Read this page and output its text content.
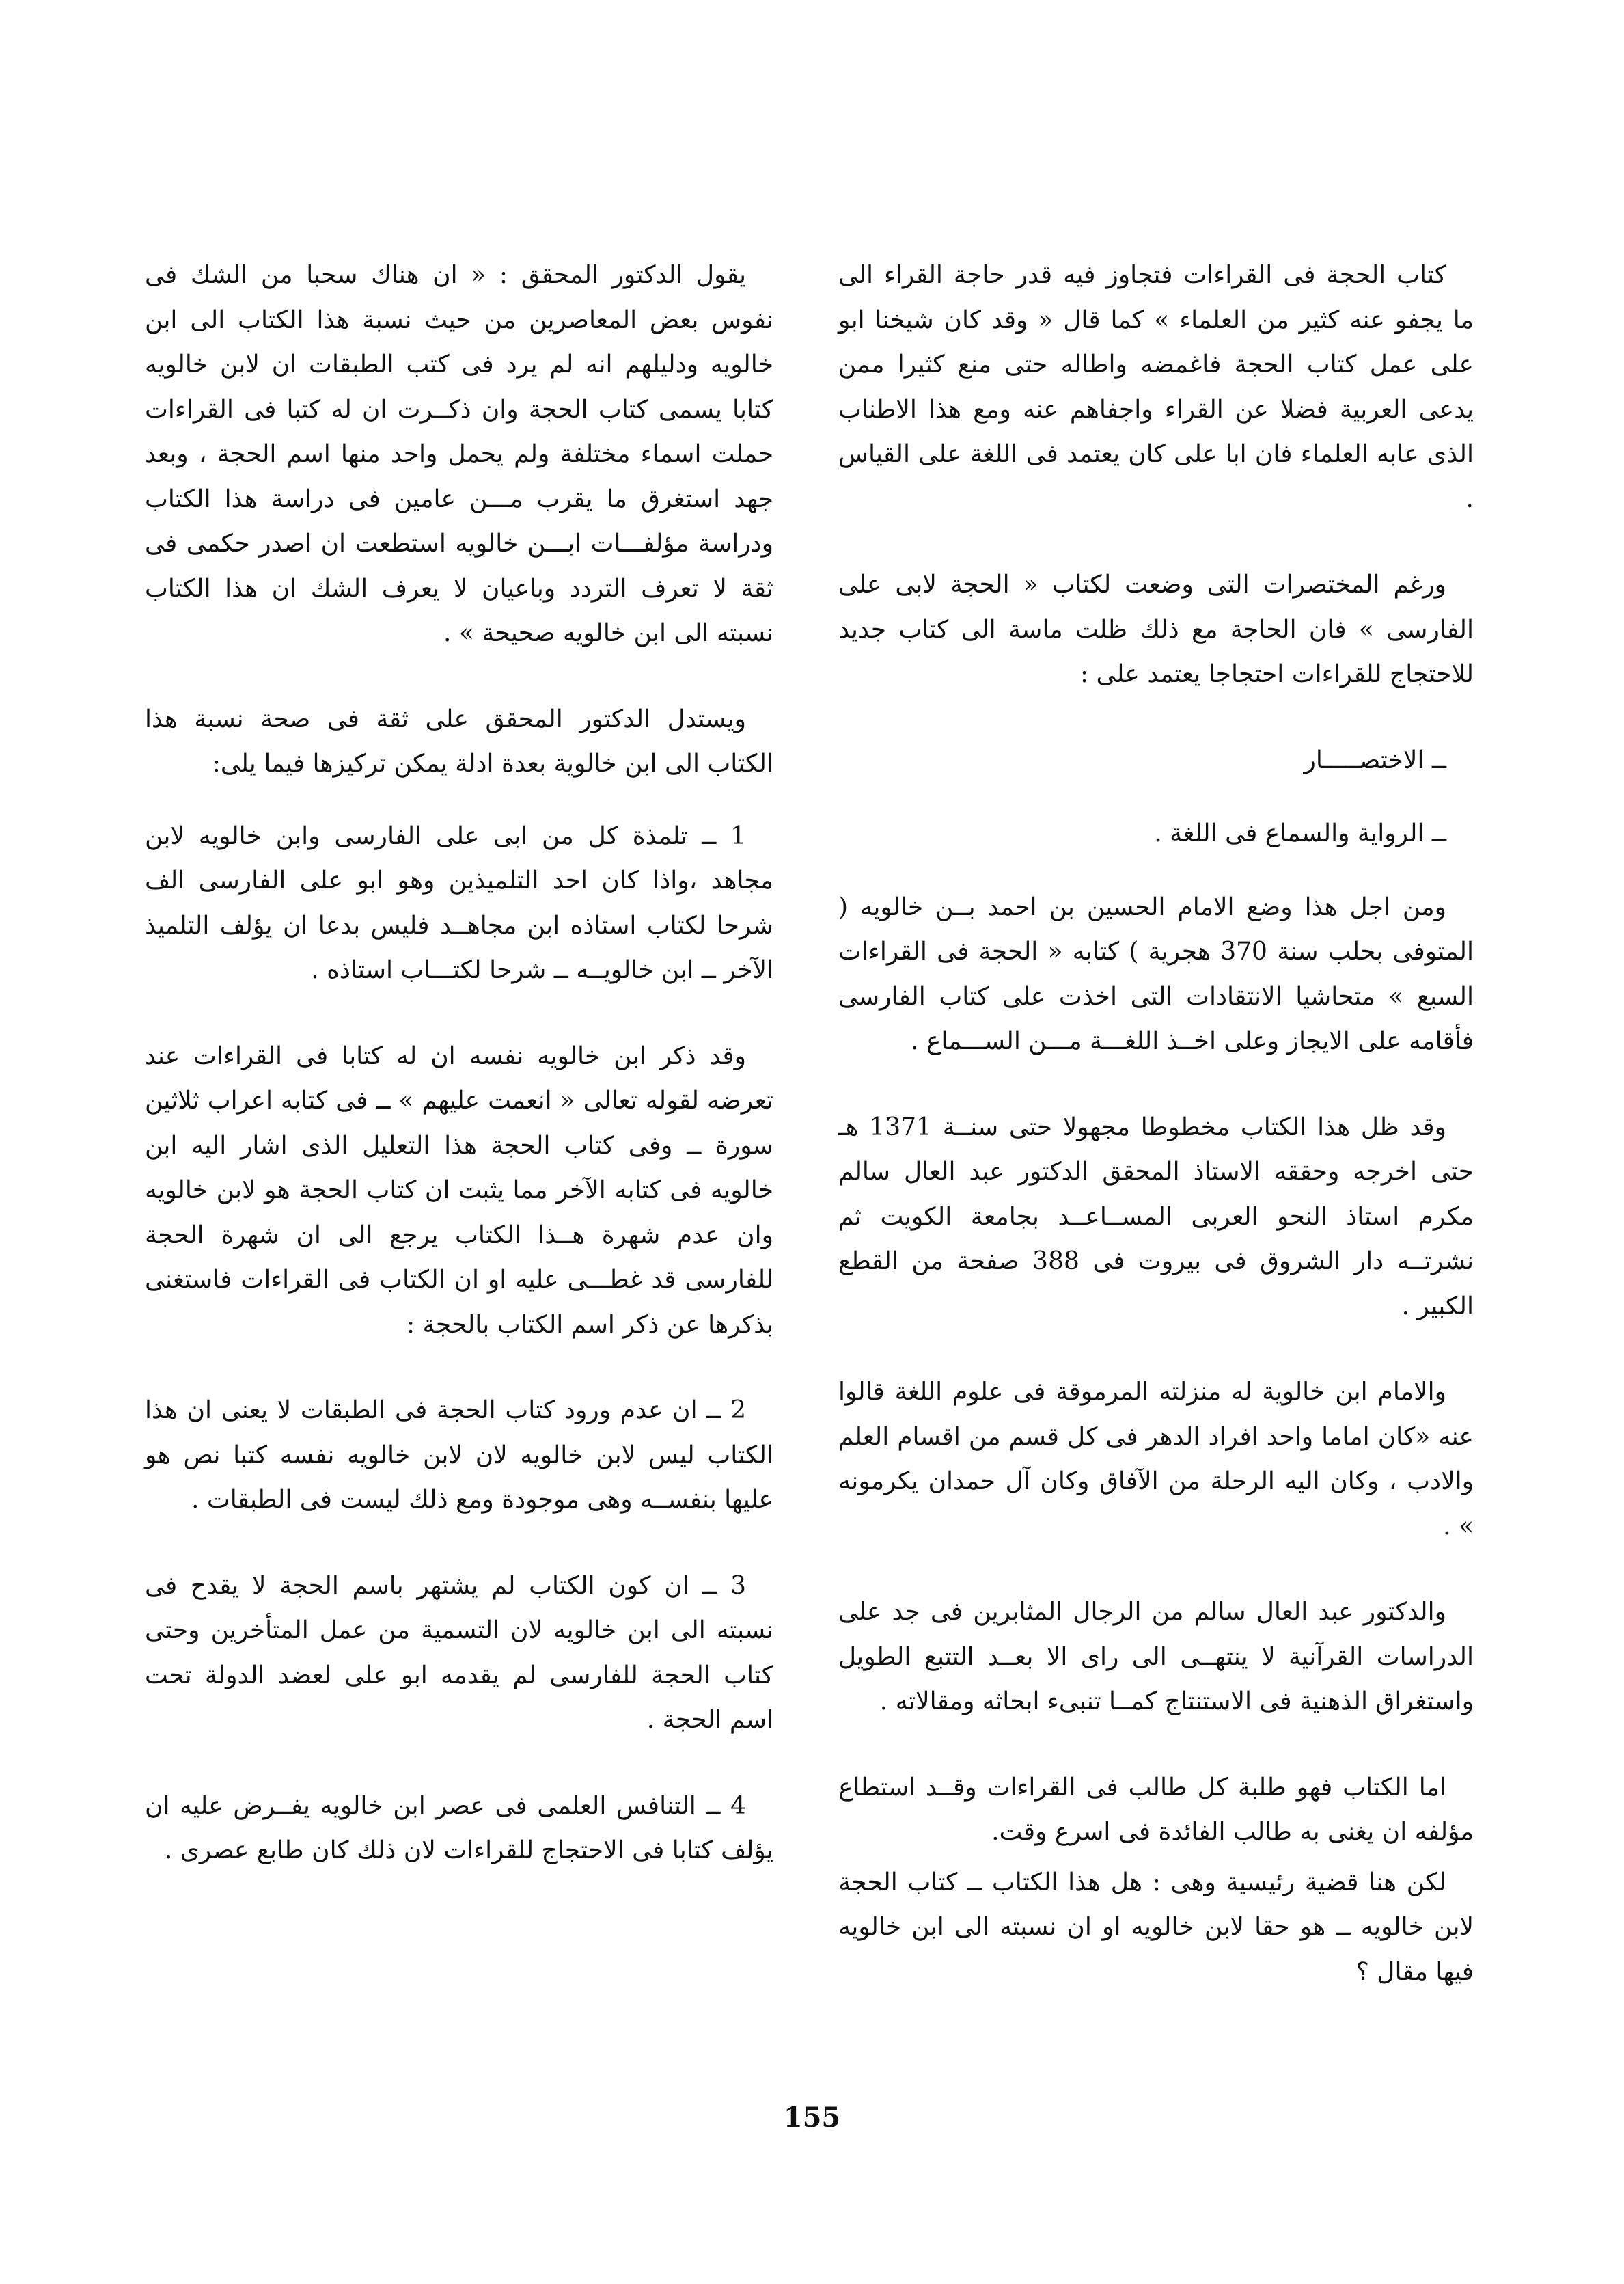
كتاب الحجة فى القراءات فتجاوز فيه قدر حاجة القراء الى ما يجفو عنه كثير من العلماء » كما قال « وقد كان شيخنا ابو على عمل كتاب الحجة فاغمضه واطاله حتى منع كثيرا ممن يدعى العربية فضلا عن القراء واجفاهم عنه ومع هذا الاطناب الذى عابه العلماء فان ابا على كان يعتمد فى اللغة على القياس .

ورغم المختصرات التى وضعت لكتاب « الحجة لابى على الفارسى » فان الحاجة مع ذلك ظلت ماسة الى كتاب جديد للاحتجاج للقراءات احتجاجا يعتمد على :

ــ الاختصـــــار

ــ الرواية والسماع فى اللغة .

ومن اجل هذا وضع الامام الحسين بن احمد بــن خالويه ( المتوفى بحلب سنة 370 هجرية ) كتابه « الحجة فى القراءات السبع » متحاشيا الانتقادات التى اخذت على كتاب الفارسى فأقامه على الايجاز وعلى اخــذ اللغـــة مـــن الســـماع .

وقد ظل هذا الكتاب مخطوطا مجهولا حتى سنــة 1371 هـ حتى اخرجه وحققه الاستاذ المحقق الدكتور عبد العال سالم مكرم استاذ النحو العربى المســاعــد بجامعة الكويت ثم نشرتــه دار الشروق فى بيروت فى 388 صفحة من القطع الكبير .

والامام ابن خالوية له منزلته المرموقة فى علوم اللغة قالوا عنه «كان اماما واحد افراد الدهر فى كل قسم من اقسام العلم والادب ، وكان اليه الرحلة من الآفاق وكان آل حمدان يكرمونه » .

والدكتور عبد العال سالم من الرجال المثابرين فى جد على الدراسات القرآنية لا ينتهــى الى راى الا بعــد التتبع الطويل واستغراق الذهنية فى الاستنتاج كمــا تنبىء ابحاثه ومقالاته .

اما الكتاب فهو طلبة كل طالب فى القراءات وقــد استطاع مؤلفه ان يغنى به طالب الفائدة فى اسرع وقت.

لكن هنا قضية رئيسية وهى : هل هذا الكتاب ــ كتاب الحجة لابن خالويه ــ هو حقا لابن خالويه او ان نسبته الى ابن خالويه فيها مقال ؟

يقول الدكتور المحقق : « ان هناك سحبا من الشك فى نفوس بعض المعاصرين من حيث نسبة هذا الكتاب الى ابن خالويه ودليلهم انه لم يرد فى كتب الطبقات ان لابن خالويه كتابا يسمى كتاب الحجة وان ذكــرت ان له كتبا فى القراءات حملت اسماء مختلفة ولم يحمل واحد منها اسم الحجة ، وبعد جهد استغرق ما يقرب مـــن عامين فى دراسة هذا الكتاب ودراسة مؤلفـــات ابـــن خالويه استطعت ان اصدر حكمى فى ثقة لا تعرف التردد وباعيان لا يعرف الشك ان هذا الكتاب نسبته الى ابن خالويه صحيحة » .

ويستدل الدكتور المحقق على ثقة فى صحة نسبة هذا الكتاب الى ابن خالوية بعدة ادلة يمكن تركيزها فيما يلى:

1 ــ تلمذة كل من ابى على الفارسى وابن خالويه لابن مجاهد ،واذا كان احد التلميذين وهو ابو على الفارسى الف شرحا لكتاب استاذه ابن مجاهــد فليس بدعا ان يؤلف التلميذ الآخر ــ ابن خالويــه ــ شرحا لكتـــاب استاذه .

وقد ذكر ابن خالويه نفسه ان له كتابا فى القراءات عند تعرضه لقوله تعالى « انعمت عليهم » ــ فى كتابه اعراب ثلاثين سورة ــ وفى كتاب الحجة هذا التعليل الذى اشار اليه ابن خالويه فى كتابه الآخر مما يثبت ان كتاب الحجة هو لابن خالويه وان عدم شهرة هــذا الكتاب يرجع الى ان شهرة الحجة للفارسى قد غطـــى عليه او ان الكتاب فى القراءات فاستغنى بذكرها عن ذكر اسم الكتاب بالحجة :

2 ــ ان عدم ورود كتاب الحجة فى الطبقات لا يعنى ان هذا الكتاب ليس لابن خالويه لان لابن خالويه نفسه كتبا نص هو عليها بنفســه وهى موجودة ومع ذلك ليست فى الطبقات .

3 ــ ان كون الكتاب لم يشتهر باسم الحجة لا يقدح فى نسبته الى ابن خالويه لان التسمية من عمل المتأخرين وحتى كتاب الحجة للفارسى لم يقدمه ابو على لعضد الدولة تحت اسم الحجة .

4 ــ التنافس العلمى فى عصر ابن خالويه يفــرض عليه ان يؤلف كتابا فى الاحتجاج للقراءات لان ذلك كان طابع عصرى .

155
